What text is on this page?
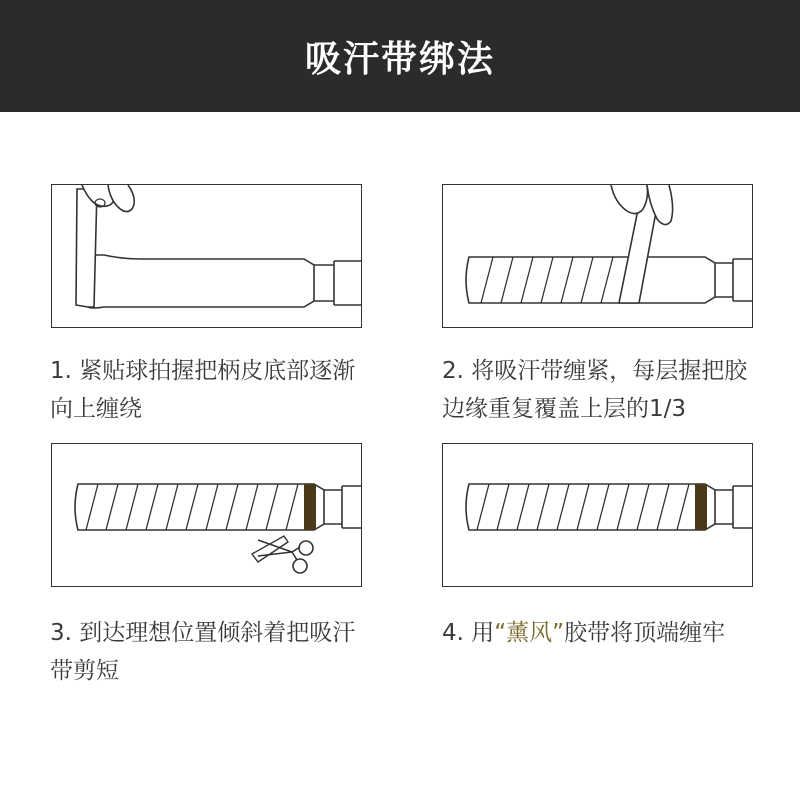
吸汗带绑法
1. 紧贴球拍握把柄皮底部逐渐向上缠绕
2. 将吸汗带缠紧，每层握把胶边缘重复覆盖上层的1/3
3. 到达理想位置倾斜着把吸汗带剪短
4. 用“薰风”胶带将顶端缠牢
